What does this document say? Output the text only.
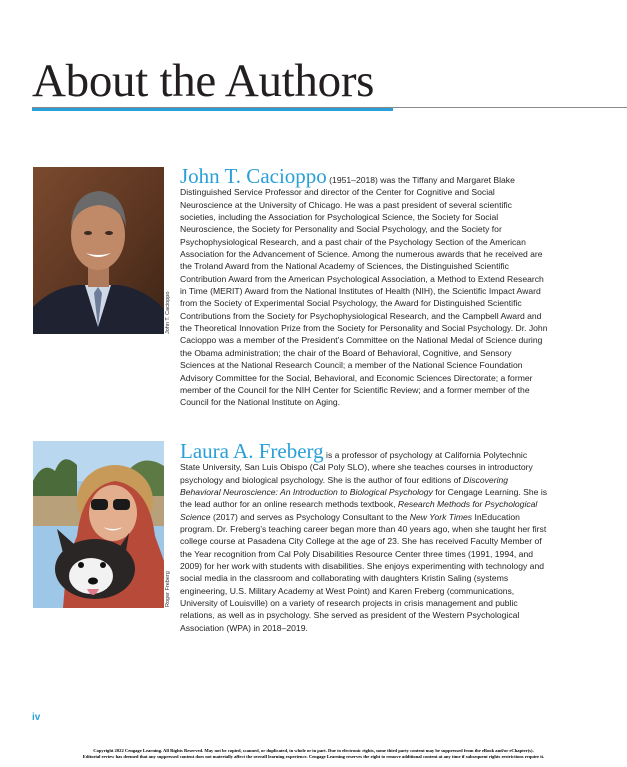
About the Authors
John T. Cacioppo

John T. Cacioppo (1951–2018) was the Tiffany and Margaret Blake Distinguished Service Professor and director of the Center for Cognitive and Social Neuroscience at the University of Chicago. He was a past president of several scientific societies, including the Association for Psychological Science, the Society for Social Neuroscience, the Society for Personality and Social Psychology, and the Society for Psychophysiological Research, and a past chair of the Psychology Section of the American Association for the Advancement of Science. Among the numerous awards that he received are the Troland Award from the National Academy of Sciences, the Distinguished Scientific Contribution Award from the American Psychological Association, a Method to Extend Research in Time (MERIT) Award from the National Institutes of Health (NIH), the Scientific Impact Award from the Society of Experimental Social Psychology, the Award for Distinguished Scientific Contributions from the Society for Psychophysiological Research, and the Campbell Award and the Theoretical Innovation Prize from the Society for Personality and Social Psychology. Dr. John Cacioppo was a member of the President’s Committee on the National Medal of Science during the Obama administration; the chair of the Board of Behavioral, Cognitive, and Sensory Sciences at the National Research Council; a member of the National Science Foundation Advisory Committee for the Social, Behavioral, and Economic Sciences Directorate; a former member of the Council for the NIH Center for Scientific Review; and a former member of the Council for the National Institute on Aging.

Roger Freberg

Laura A. Freberg is a professor of psychology at California Polytechnic State University, San Luis Obispo (Cal Poly SLO), where she teaches courses in introductory psychology and biological psychology. She is the author of four editions of Discovering Behavioral Neuroscience: An Introduction to Biological Psychology for Cengage Learning. She is the lead author for an online research methods textbook, Research Methods for Psychological Science (2017) and serves as Psychology Consultant to the New York Times InEducation program. Dr. Freberg’s teaching career began more than 40 years ago, when she taught her first college course at Pasadena City College at the age of 23. She has received Faculty Member of the Year recognition from Cal Poly Disabilities Resource Center three times (1991, 1994, and 2009) for her work with students with disabilities. She enjoys experimenting with technology and social media in the classroom and collaborating with daughters Kristin Saling (systems engineering, U.S. Military Academy at West Point) and Karen Freberg (communications, University of Louisville) on a variety of research projects in crisis management and public relations, as well as in psychology. She served as president of the Western Psychological Association (WPA) in 2018–2019.

iv
Copyright 2022 Cengage Learning. All Rights Reserved. May not be copied, scanned, or duplicated, in whole or in part. Due to electronic rights, some third party content may be suppressed from the eBook and/or eChapter(s).
Editorial review has deemed that any suppressed content does not materially affect the overall learning experience. Cengage Learning reserves the right to remove additional content at any time if subsequent rights restrictions require it.
